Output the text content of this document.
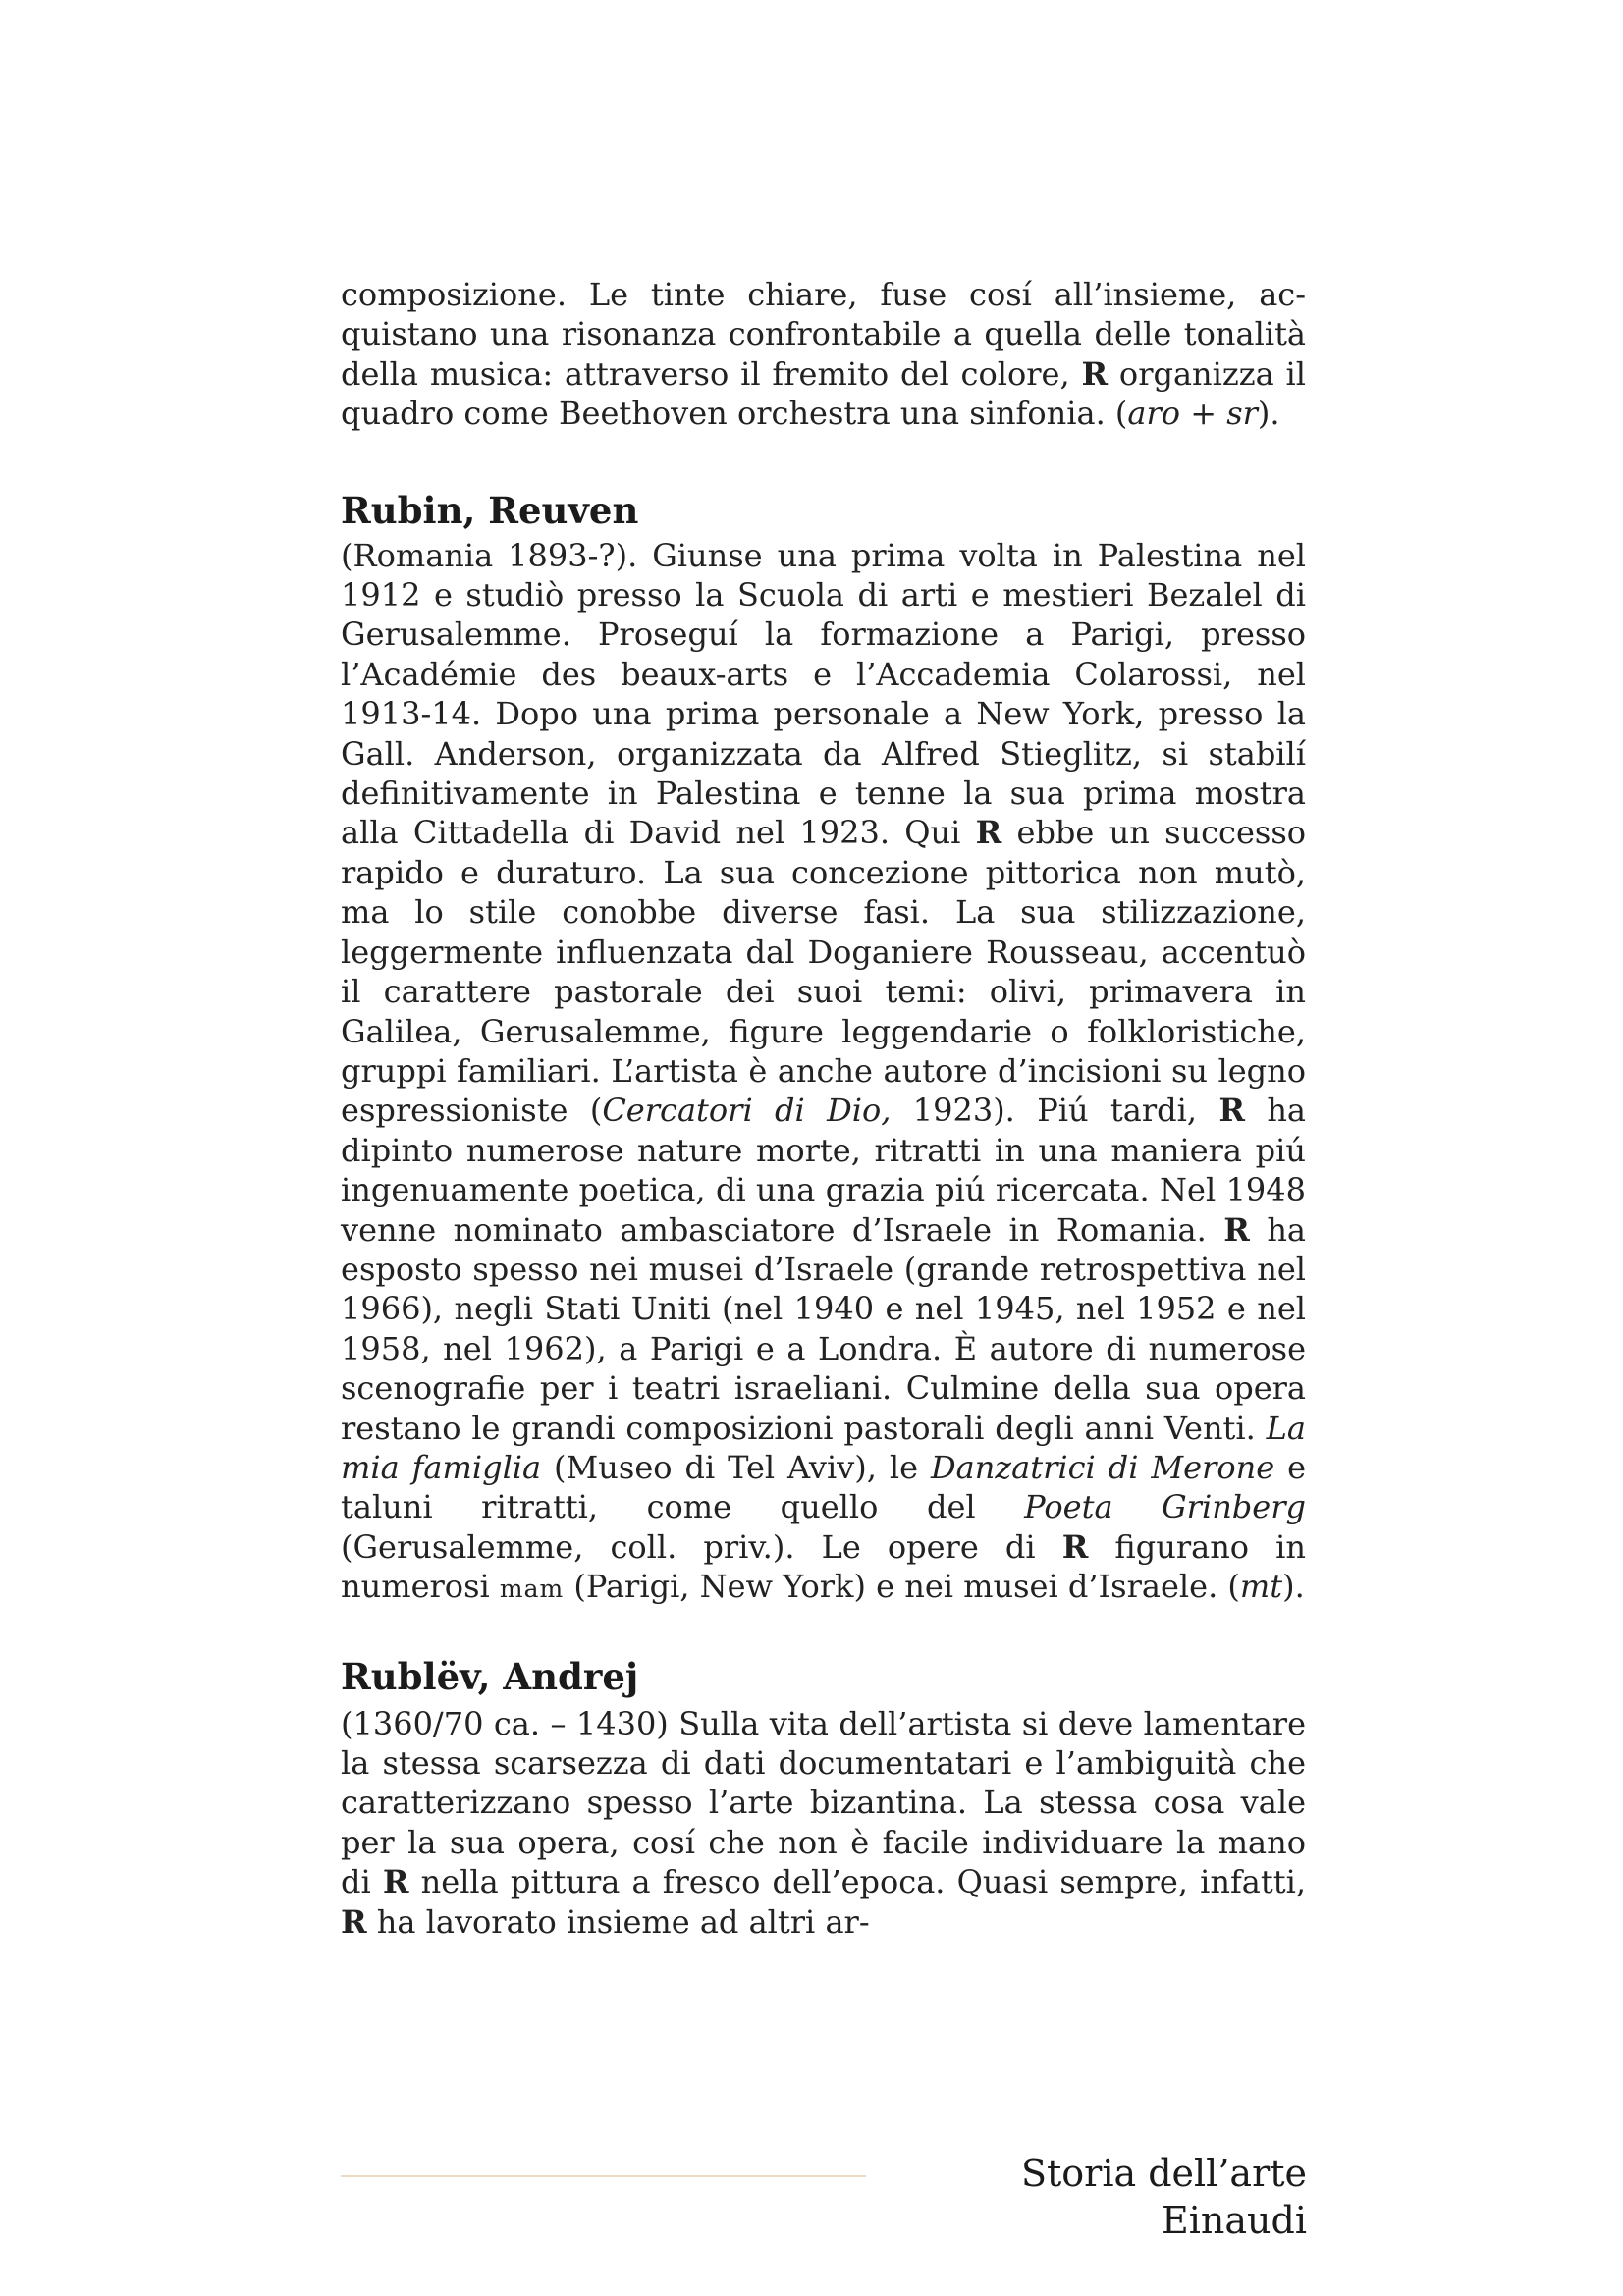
composizione. Le tinte chiare, fuse cosí all’insieme, acquistano una risonanza confrontabile a quella delle tonalità della musica: attraverso il fremito del colore, R organizza il quadro come Beethoven orchestra una sinfonia. (aro + sr).

Rubin, Reuven

(Romania 1893-?). Giunse una prima volta in Palestina nel 1912 e studiò presso la Scuola di arti e mestieri Bezalel di Gerusalemme. Proseguí la formazione a Parigi, presso l’Académie des beaux-arts e l’Accademia Colarossi, nel 1913-14. Dopo una prima personale a New York, presso la Gall. Anderson, organizzata da Alfred Stieglitz, si stabilí definitivamente in Palestina e tenne la sua prima mostra alla Cittadella di David nel 1923. Qui R ebbe un successo rapido e duraturo. La sua concezione pittorica non mutò, ma lo stile conobbe diverse fasi. La sua stilizzazione, leggermente influenzata dal Doganiere Rousseau, accentuò il carattere pastorale dei suoi temi: olivi, primavera in Galilea, Gerusalemme, figure leggendarie o folkloristiche, gruppi familiari. L’artista è anche autore d’incisioni su legno espressioniste (Cercatori di Dio, 1923). Piú tardi, R ha dipinto numerose nature morte, ritratti in una maniera piú ingenuamente poetica, di una grazia piú ricercata. Nel 1948 venne nominato ambasciatore d’Israele in Romania. R ha esposto spesso nei musei d’Israele (grande retrospettiva nel 1966), negli Stati Uniti (nel 1940 e nel 1945, nel 1952 e nel 1958, nel 1962), a Parigi e a Londra. È autore di numerose scenografie per i teatri israeliani. Culmine della sua opera restano le grandi composizioni pastorali degli anni Venti. La mia famiglia (Museo di Tel Aviv), le Danzatrici di Merone e taluni ritratti, come quello del Poeta Grinberg (Gerusalemme, coll. priv.). Le opere di R figurano in numerosi mam (Parigi, New York) e nei musei d’Israele. (mt).

Rublëv, Andrej

(1360/70 ca. – 1430) Sulla vita dell’artista si deve lamentare la stessa scarsezza di dati documentatari e l’ambiguità che caratterizzano spesso l’arte bizantina. La stessa cosa vale per la sua opera, cosí che non è facile individuare la mano di R nella pittura a fresco dell’epoca. Quasi sempre, infatti, R ha lavorato insieme ad altri ar-

Storia dell’arte Einaudi
